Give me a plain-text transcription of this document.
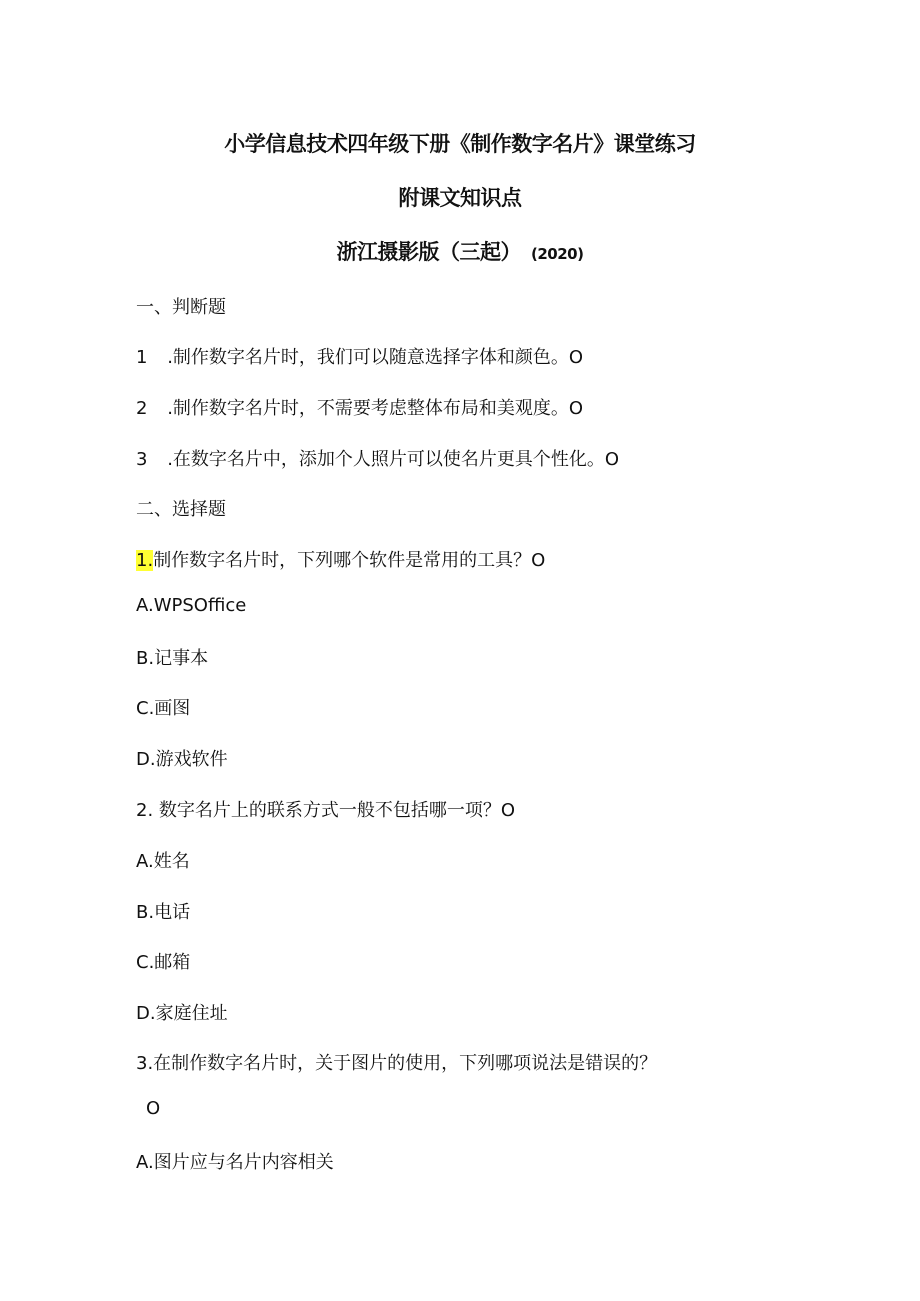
小学信息技术四年级下册《制作数字名片》课堂练习
附课文知识点
浙江摄影版（三起） (2020)
一、判断题
1 .制作数字名片时，我们可以随意选择字体和颜色。O
2 .制作数字名片时，不需要考虑整体布局和美观度。O
3 .在数字名片中，添加个人照片可以使名片更具个性化。O
二、选择题
1.制作数字名片时，下列哪个软件是常用的工具？O
A.WPSOffice
B.记事本
C.画图
D.游戏软件
2. 数字名片上的联系方式一般不包括哪一项？O
A.姓名
B.电话
C.邮箱
D.家庭住址
3.在制作数字名片时，关于图片的使用，下列哪项说法是错误的？
O
A.图片应与名片内容相关
